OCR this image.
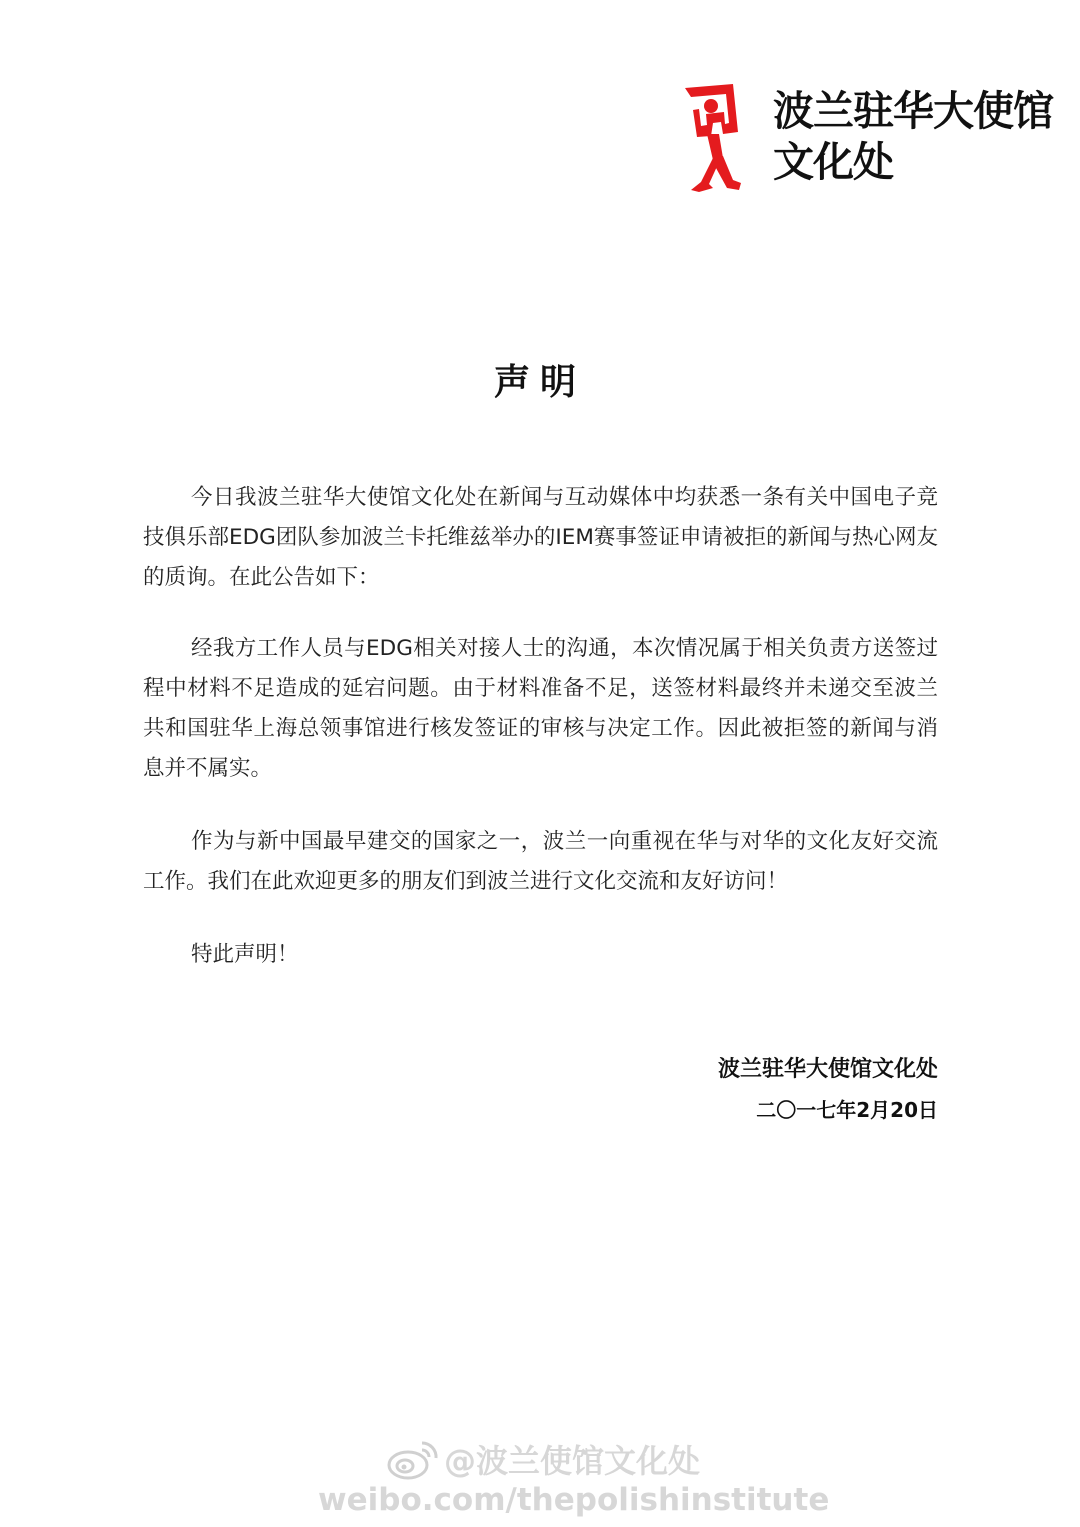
波兰驻华大使馆
文化处
声明

今日我波兰驻华大使馆文化处在新闻与互动媒体中均获悉一条有关中国电子竞技俱乐部EDG团队参加波兰卡托维兹举办的IEM赛事签证申请被拒的新闻与热心网友的质询。在此公告如下：

经我方工作人员与EDG相关对接人士的沟通，本次情况属于相关负责方送签过程中材料不足造成的延宕问题。由于材料准备不足，送签材料最终并未递交至波兰共和国驻华上海总领事馆进行核发签证的审核与决定工作。因此被拒签的新闻与消息并不属实。

作为与新中国最早建交的国家之一，波兰一向重视在华与对华的文化友好交流工作。我们在此欢迎更多的朋友们到波兰进行文化交流和友好访问！

特此声明！

波兰驻华大使馆文化处
二〇一七年2月20日
@波兰使馆文化处
weibo.com/thepolishinstitute
